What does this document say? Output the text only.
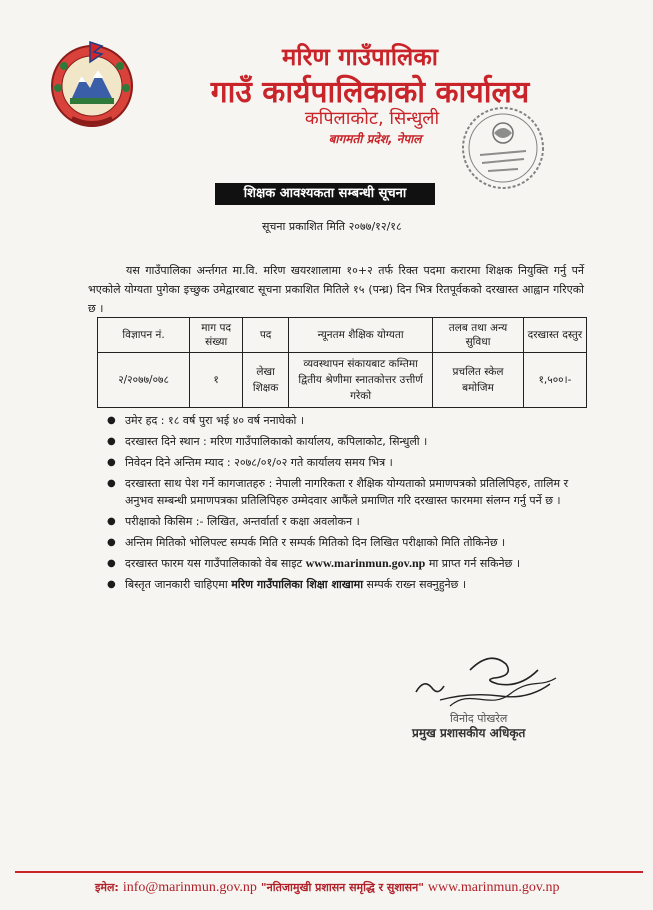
मरिण गाउँपालिका
गाउँ कार्यपालिकाको कार्यालय
कपिलाकोट, सिन्धुली
बागमती प्रदेश, नेपाल
शिक्षक आवश्यकता सम्बन्धी सूचना
सूचना प्रकाशित मिति २०७७/१२/१८
यस गाउँपालिका अर्न्तगत मा.वि. मरिण खयरशालामा १०+२ तर्फ रिक्त पदमा करारमा शिक्षक नियुक्ति गर्नु पर्ने भएकोले योग्यता पुगेका इच्छुक उमेद्वारबाट सूचना प्रकाशित मितिले १५ (पन्ध्र) दिन भित्र रितपूर्वकको दरखास्त आह्वान गरिएको छ ।
विज्ञापन नं.	माग पद संख्या	पद	न्यूनतम शैक्षिक योग्यता	तलब तथा अन्य सुविधा	दरखास्त दस्तुर
२/२०७७/०७८	१	लेखा शिक्षक	व्यवस्थापन संकायबाट कम्तिमा द्वितीय श्रेणीमा स्नातकोत्तर उत्तीर्ण गरेको	प्रचलित स्केल बमोजिम	१,५००।-
● उमेर हद : १८ वर्ष पुरा भई ४० वर्ष ननाघेको ।
● दरखास्त दिने स्थान : मरिण गाउँपालिकाको कार्यालय, कपिलाकोट, सिन्धुली ।
● निवेदन दिने अन्तिम म्याद : २०७८/०१/०२ गते कार्यालय समय भित्र ।
● दरखास्ता साथ पेश गर्ने कागजातहरु : नेपाली नागरिकता र शैक्षिक योग्यताको प्रमाणपत्रको प्रतिलिपिहरु, तालिम र अनुभव सम्बन्धी प्रमाणपत्रका प्रतिलिपिहरु उम्मेदवार आफैंले प्रमाणित गरि दरखास्त फारममा संलग्न गर्नु पर्ने छ ।
● परीक्षाको किसिम :- लिखित, अन्तर्वार्ता र कक्षा अवलोकन ।
● अन्तिम मितिको भोलिपल्ट सम्पर्क मिति र सम्पर्क मितिको दिन लिखित परीक्षाको मिति तोकिनेछ ।
● दरखास्त फारम यस गाउँपालिकाको वेब साइट www.marinmun.gov.np मा प्राप्त गर्न सकिनेछ ।
● बिस्तृत जानकारी चाहिएमा मरिण गाउँपालिका शिक्षा शाखामा सम्पर्क राख्न सक्नुहुनेछ ।
विनोद पोखरेल
प्रमुख प्रशासकीय अधिकृत
इमेल: info@marinmun.gov.np "नतिजामुखी प्रशासन समृद्धि र सुशासन" www.marinmun.gov.np
